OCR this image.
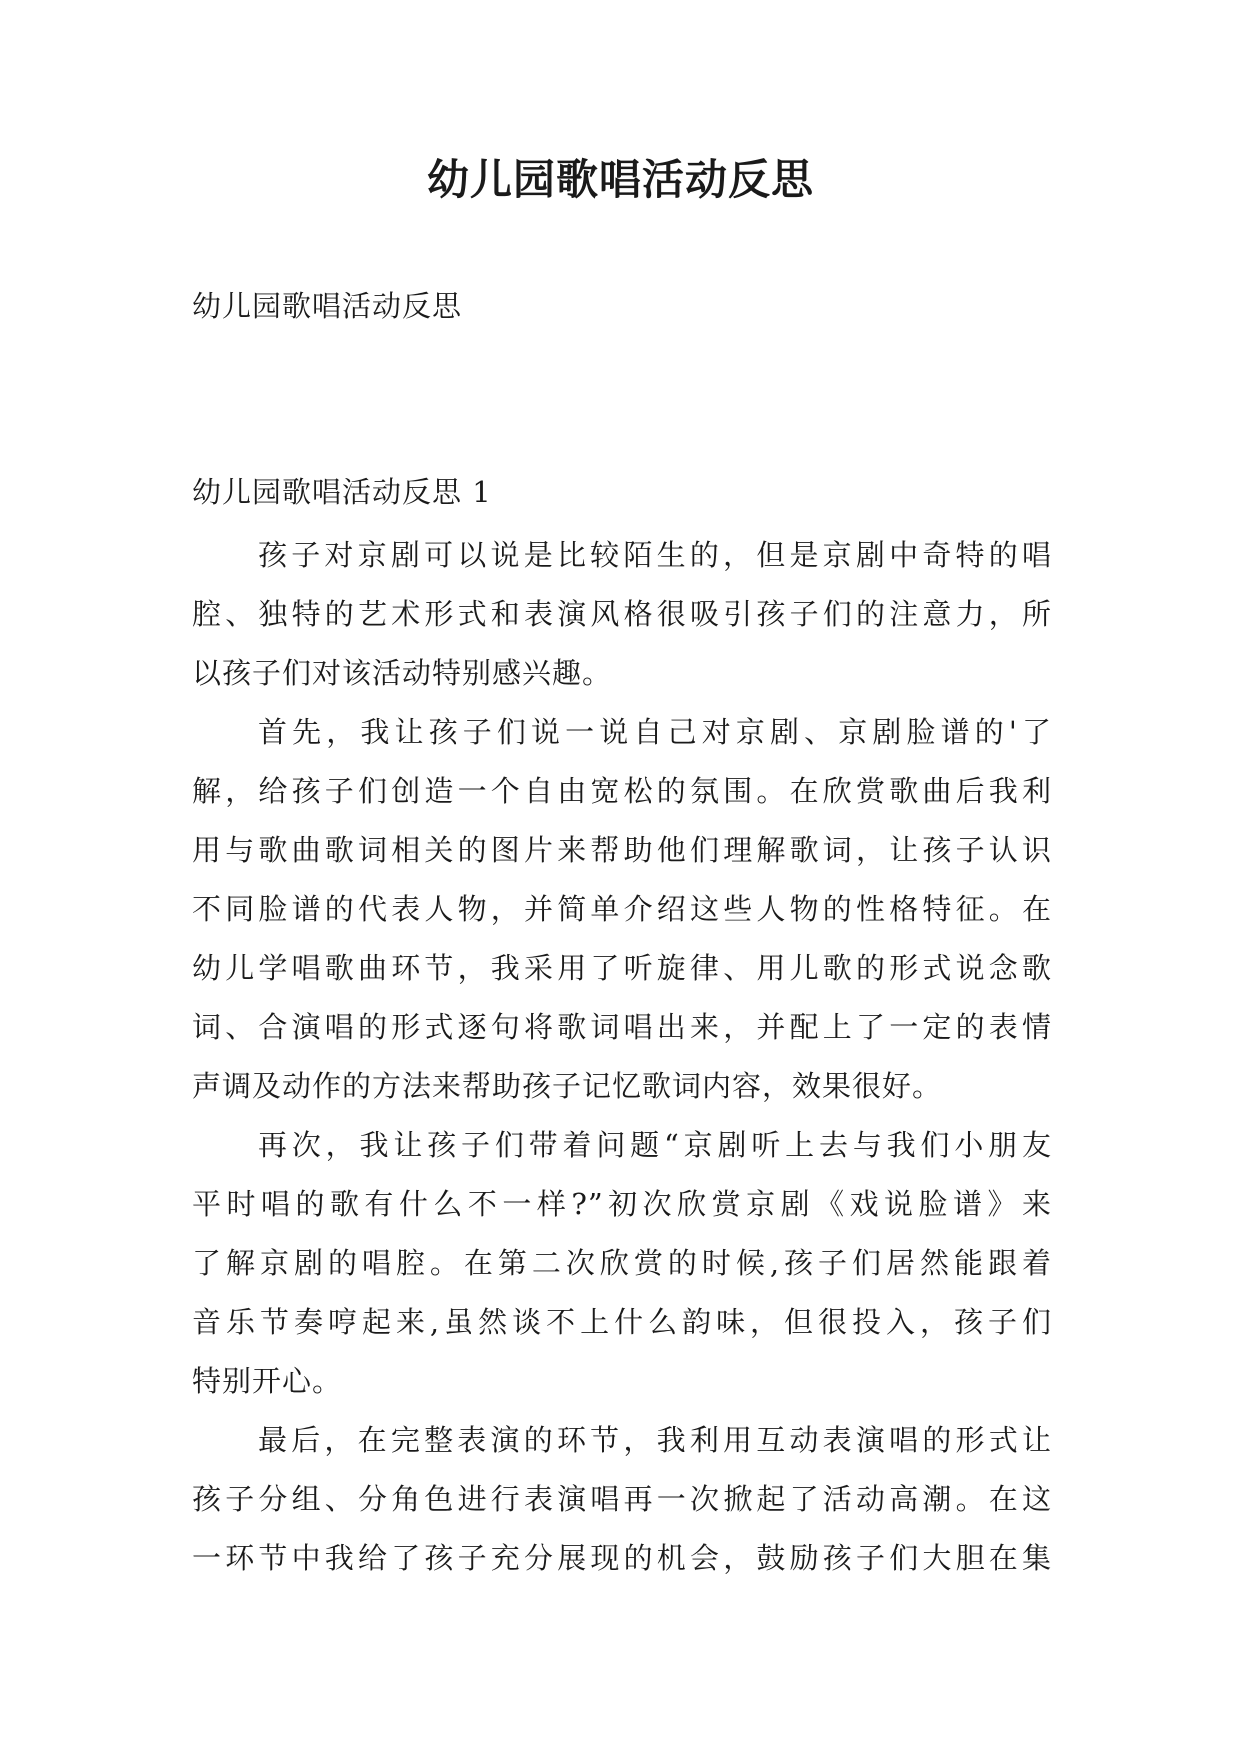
幼儿园歌唱活动反思
幼儿园歌唱活动反思
幼儿园歌唱活动反思 1
孩子对京剧可以说是比较陌生的，但是京剧中奇特的唱
腔、独特的艺术形式和表演风格很吸引孩子们的注意力，所
以孩子们对该活动特别感兴趣。
首先，我让孩子们说一说自己对京剧、京剧脸谱的'了
解，给孩子们创造一个自由宽松的氛围。在欣赏歌曲后我利
用与歌曲歌词相关的图片来帮助他们理解歌词，让孩子认识
不同脸谱的代表人物，并简单介绍这些人物的性格特征。在
幼儿学唱歌曲环节，我采用了听旋律、用儿歌的形式说念歌
词、合演唱的形式逐句将歌词唱出来，并配上了一定的表情
声调及动作的方法来帮助孩子记忆歌词内容，效果很好。
再次，我让孩子们带着问题“京剧听上去与我们小朋友
平时唱的歌有什么不一样?”初次欣赏京剧《戏说脸谱》来
了解京剧的唱腔。在第二次欣赏的时候,孩子们居然能跟着
音乐节奏哼起来,虽然谈不上什么韵味，但很投入，孩子们
特别开心。
最后，在完整表演的环节，我利用互动表演唱的形式让
孩子分组、分角色进行表演唱再一次掀起了活动高潮。在这
一环节中我给了孩子充分展现的机会，鼓励孩子们大胆在集
